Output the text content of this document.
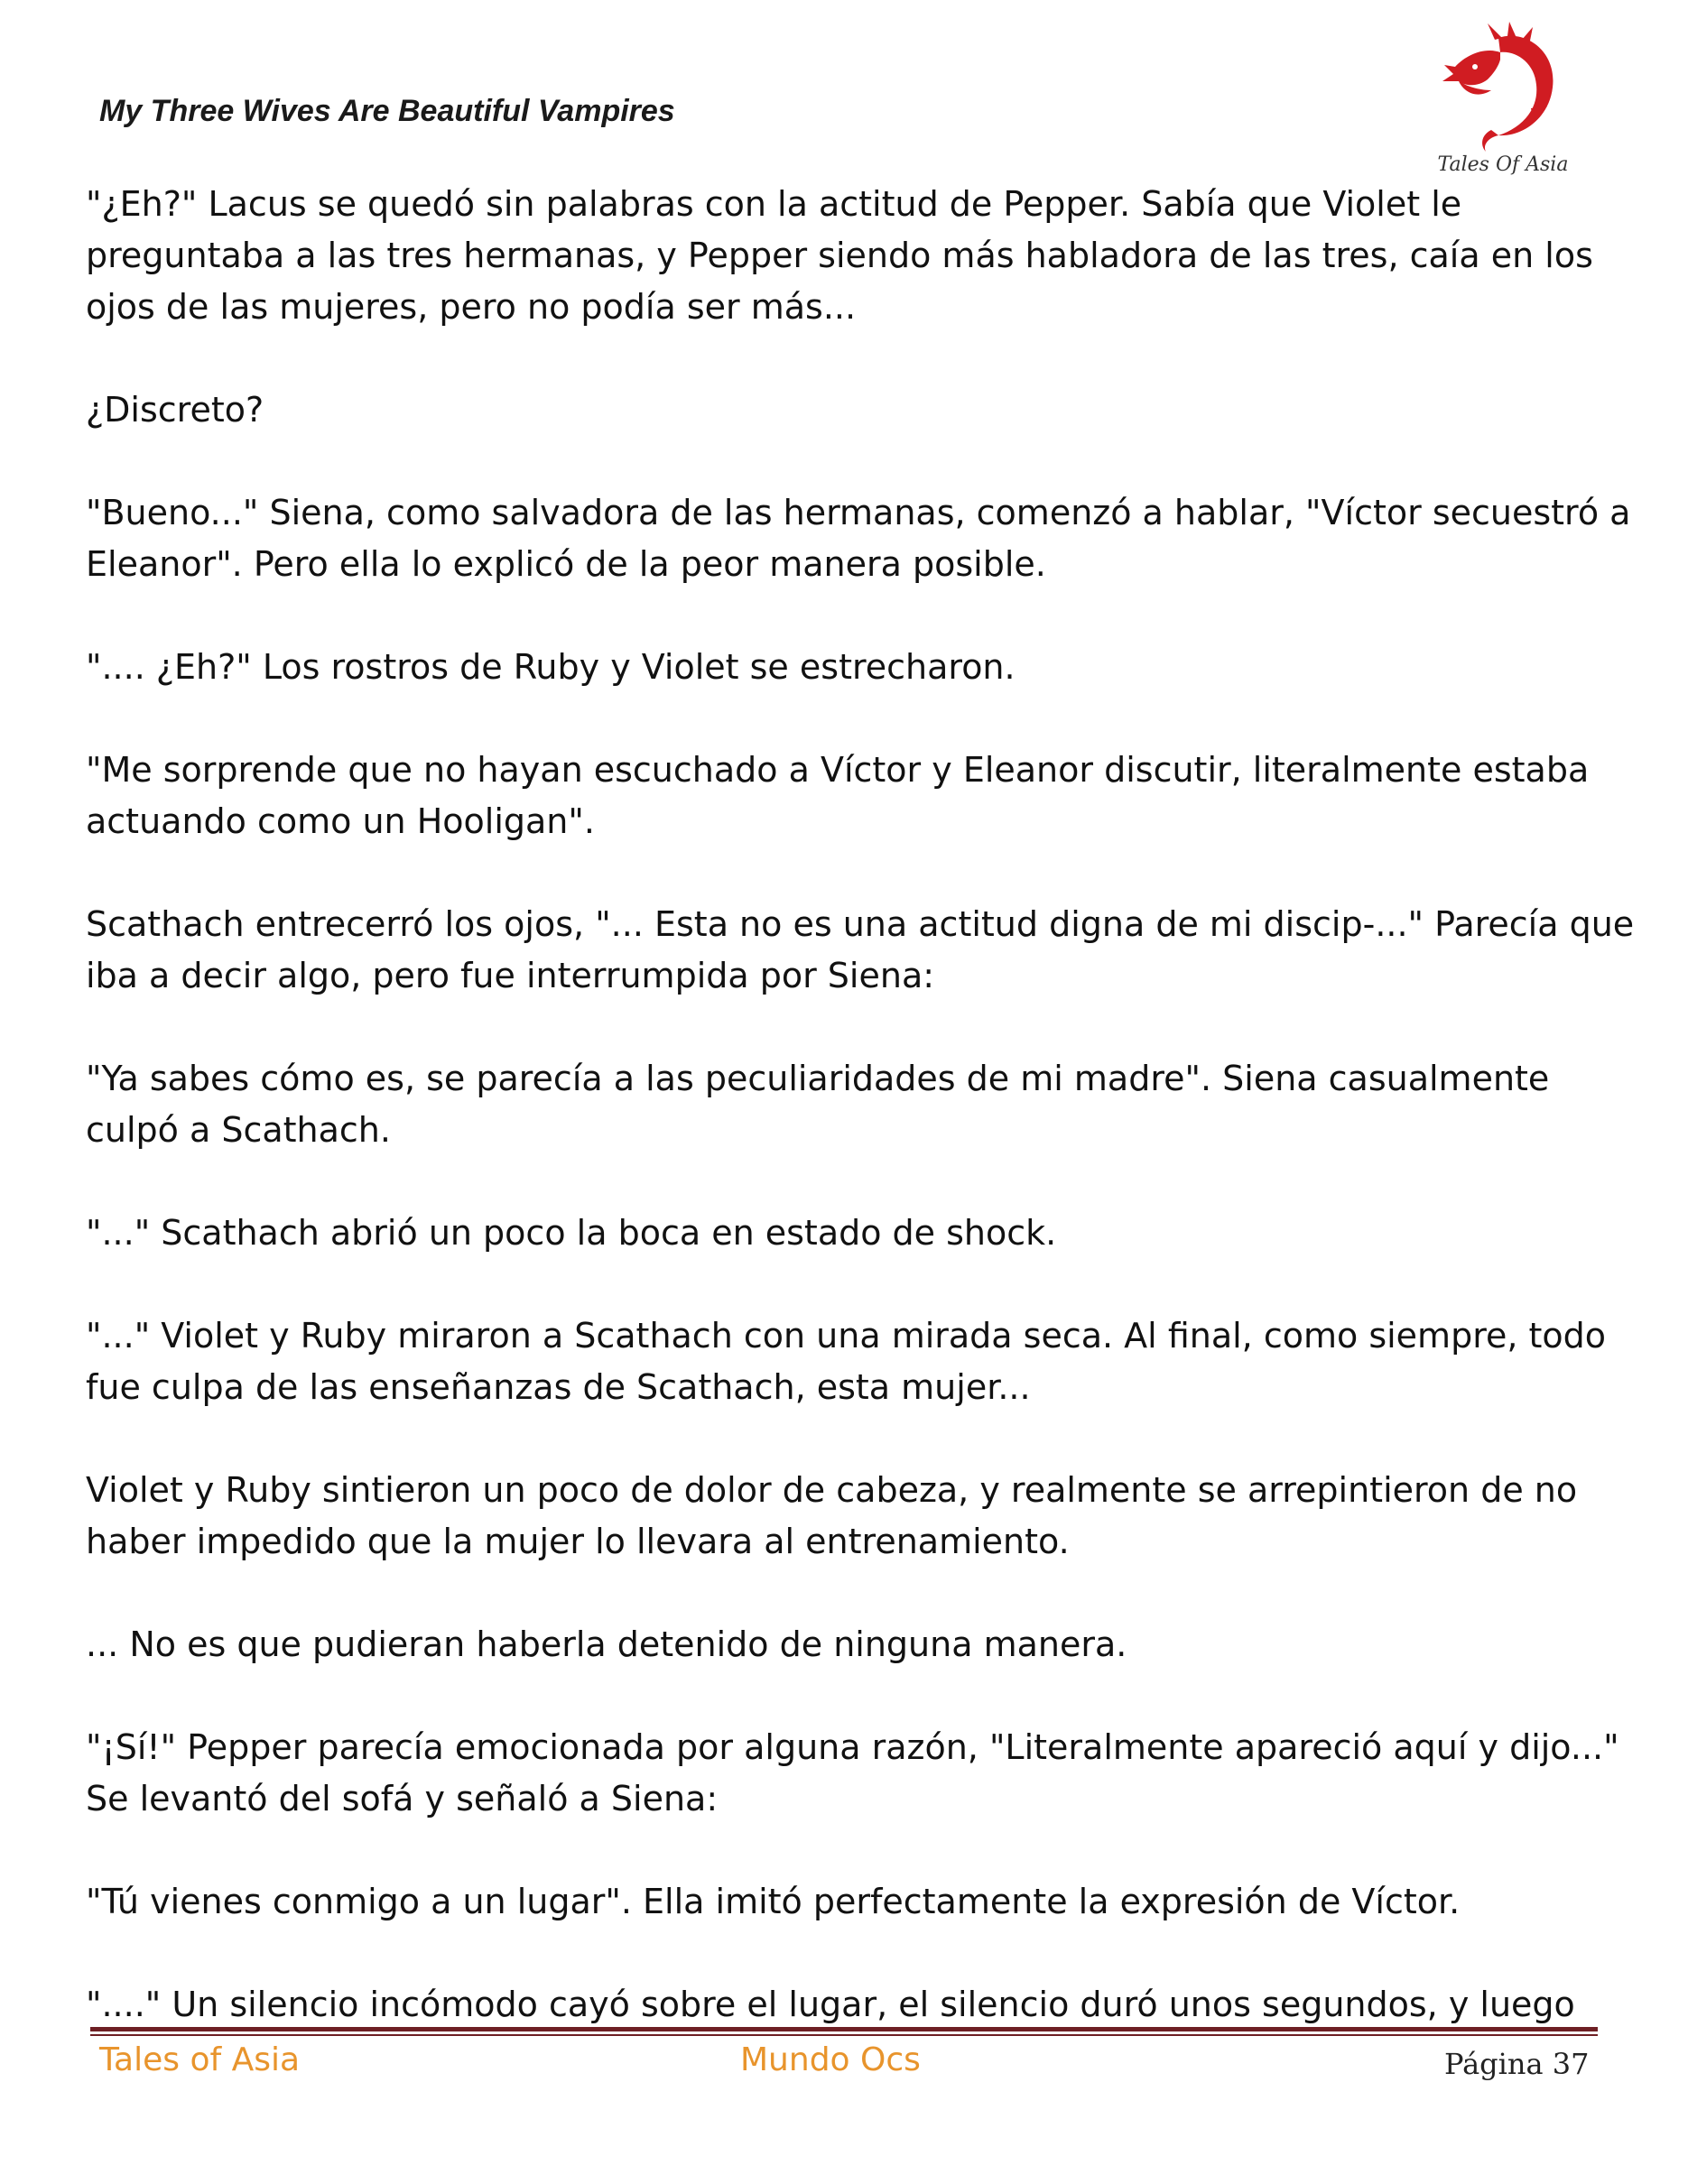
My Three Wives Are Beautiful Vampires
Tales Of Asia

"¿Eh?" Lacus se quedó sin palabras con la actitud de Pepper. Sabía que Violet le preguntaba a las tres hermanas, y Pepper siendo más habladora de las tres, caía en los ojos de las mujeres, pero no podía ser más...

¿Discreto?

"Bueno..." Siena, como salvadora de las hermanas, comenzó a hablar, "Víctor secuestró a Eleanor". Pero ella lo explicó de la peor manera posible.

".... ¿Eh?" Los rostros de Ruby y Violet se estrecharon.

"Me sorprende que no hayan escuchado a Víctor y Eleanor discutir, literalmente estaba actuando como un Hooligan".

Scathach entrecerró los ojos, "... Esta no es una actitud digna de mi discip-..." Parecía que iba a decir algo, pero fue interrumpida por Siena:

"Ya sabes cómo es, se parecía a las peculiaridades de mi madre". Siena casualmente culpó a Scathach.

"..." Scathach abrió un poco la boca en estado de shock.

"..." Violet y Ruby miraron a Scathach con una mirada seca. Al final, como siempre, todo fue culpa de las enseñanzas de Scathach, esta mujer...

Violet y Ruby sintieron un poco de dolor de cabeza, y realmente se arrepintieron de no haber impedido que la mujer lo llevara al entrenamiento.

... No es que pudieran haberla detenido de ninguna manera.

"¡Sí!" Pepper parecía emocionada por alguna razón, "Literalmente apareció aquí y dijo..." Se levantó del sofá y señaló a Siena:

"Tú vienes conmigo a un lugar". Ella imitó perfectamente la expresión de Víctor.

"...." Un silencio incómodo cayó sobre el lugar, el silencio duró unos segundos, y luego

Tales of Asia	Mundo Ocs	Página 37
